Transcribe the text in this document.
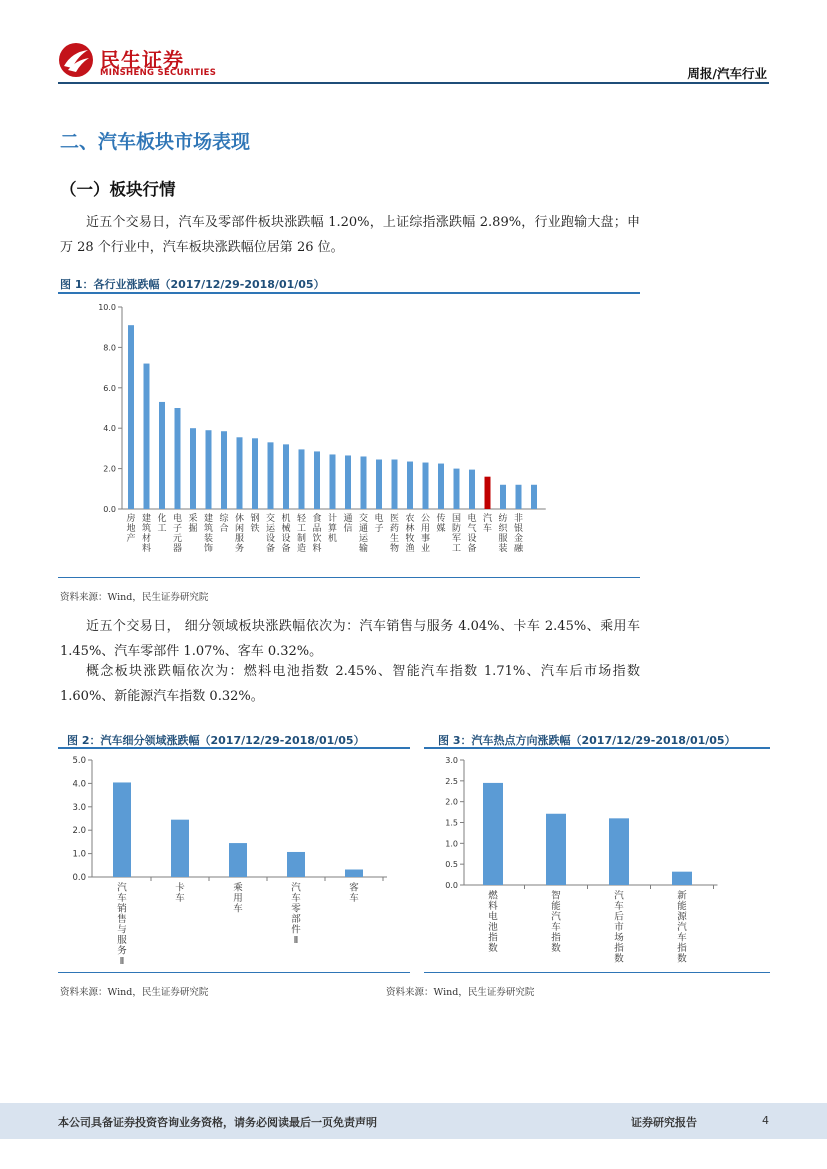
民生证券
MINSHENG SECURITIES	周报/汽车行业
二、汽车板块市场表现
（一）板块行情
近五个交易日，汽车及零部件板块涨跌幅 1.20%，上证综指涨跌幅 2.89%，行业跑输大盘；申万 28 个行业中，汽车板块涨跌幅位居第 26 位。
图 1：各行业涨跌幅（2017/12/29-2018/01/05）
0.0
2.0
4.0
6.0
8.0
10.0
房地产
建筑材料
化工
电子元器
采掘
建筑装饰
综合
休闲服务
钢铁
交运设备
机械设备
轻工制造
食品饮料
计算机
通信
交通运输
电子
医药生物
农林牧渔
公用事业
传媒
国防军工
电气设备
汽车
纺织服装
非银金融
资料来源：Wind，民生证券研究院
近五个交易日， 细分领域板块涨跌幅依次为：汽车销售与服务 4.04%、卡车 2.45%、乘用车 1.45%、汽车零部件 1.07%、客车 0.32%。
概念板块涨跌幅依次为：燃料电池指数 2.45%、智能汽车指数 1.71%、汽车后市场指数 1.60%、新能源汽车指数 0.32%。
图 2：汽车细分领域涨跌幅（2017/12/29-2018/01/05）
0.0
1.0
2.0
3.0
4.0
5.0
汽车销售与服务 Ⅱ
卡车
乘用车
汽车零部件 Ⅱ
客车
资料来源：Wind，民生证券研究院
图 3：汽车热点方向涨跌幅（2017/12/29-2018/01/05）
0.0
0.5
1.0
1.5
2.0
2.5
3.0
燃料电池指数
智能汽车指数
汽车后市场指数
新能源汽车指数
资料来源：Wind，民生证券研究院
本公司具备证券投资咨询业务资格，请务必阅读最后一页免责声明	证券研究报告	4
